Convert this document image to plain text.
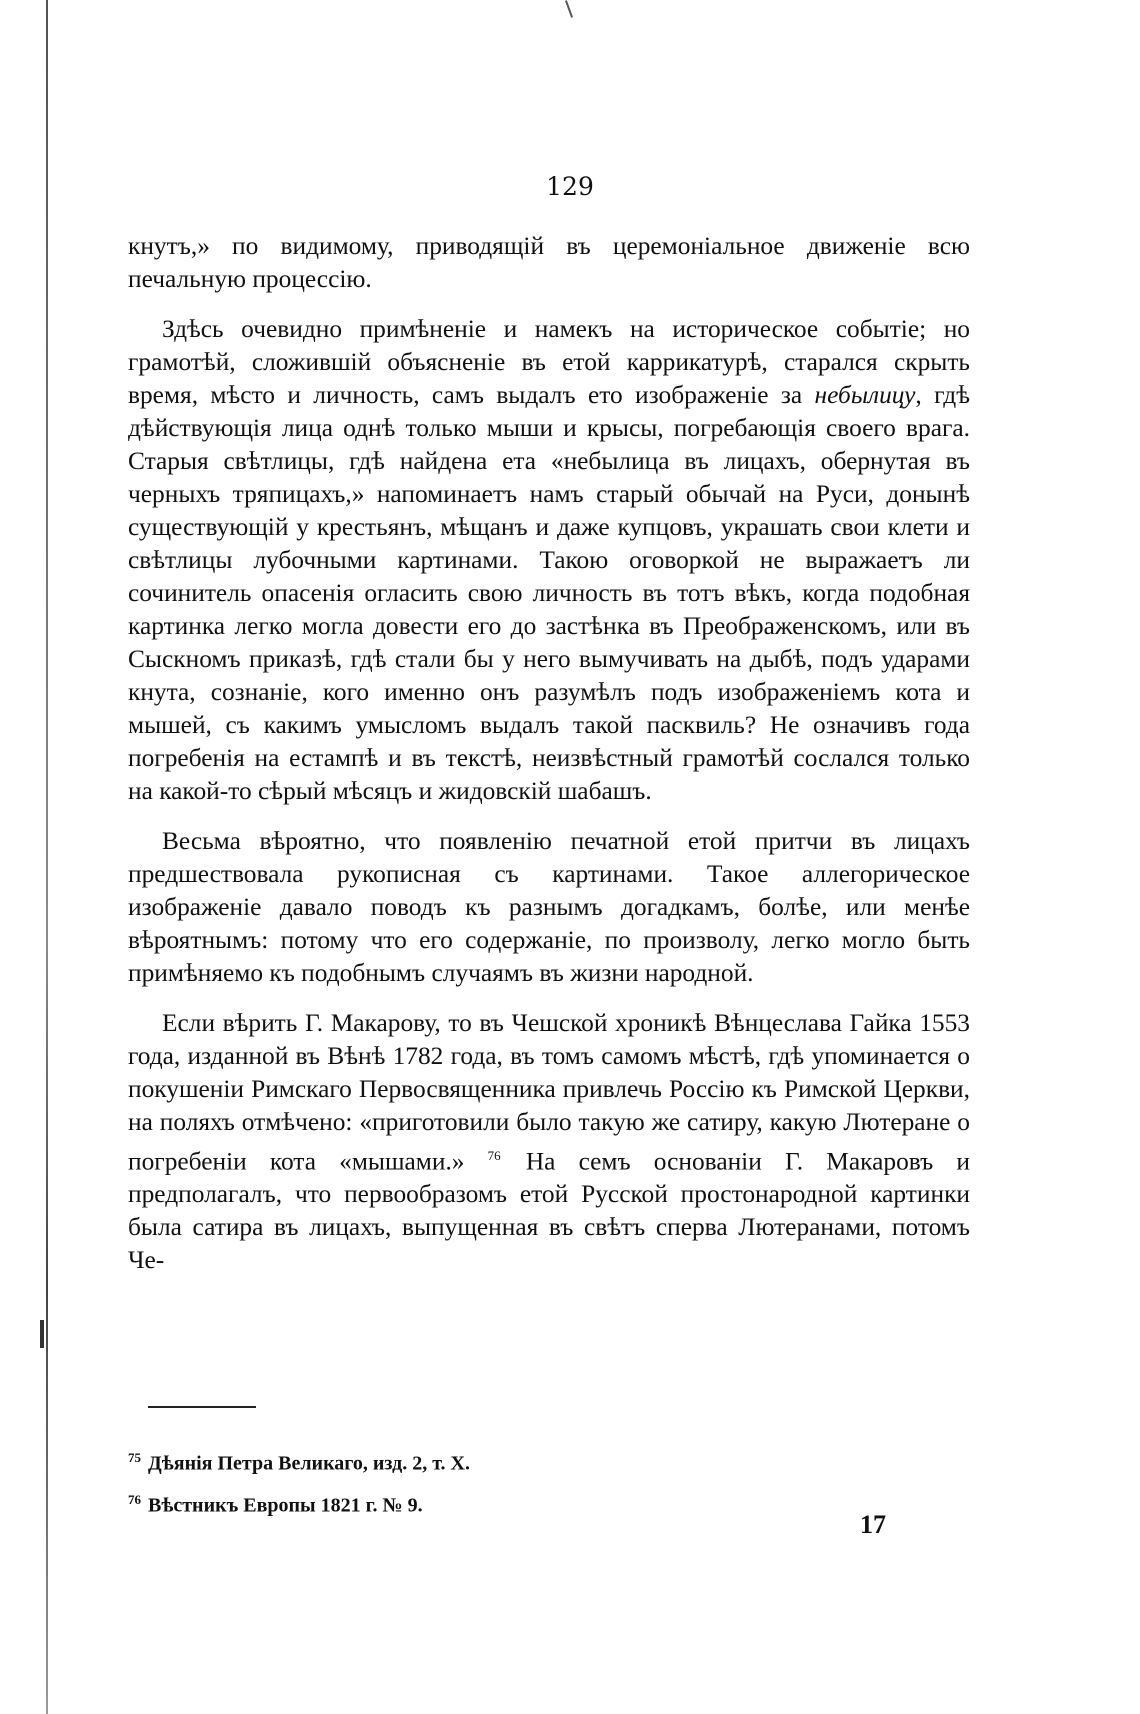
129

кнутъ,» по видимому, приводящій въ церемоніальное движеніе всю печальную процессію.

Здѣсь очевидно примѣненіе и намекъ на историческое событіе; но грамотѣй, сложившій объясненіе въ етой каррикатурѣ, старался скрыть время, мѣсто и личность, самъ выдалъ ето изображеніе за небылицу, гдѣ дѣйствующія лица однѣ только мыши и крысы, погребающія своего врага. Старыя свѣтлицы, гдѣ найдена ета «небылица въ лицахъ, обернутая въ черныхъ тряпицахъ,» напоминаетъ намъ старый обычай на Руси, донынѣ существующій у крестьянъ, мѣщанъ и даже купцовъ, украшать свои клети и свѣтлицы лубочными картинами. Такою оговоркой не выражаетъ ли сочинитель опасенія огласить свою личность въ тотъ вѣкъ, когда подобная картинка легко могла довести его до застѣнка въ Преображенскомъ, или въ Сыскномъ приказѣ, гдѣ стали бы у него вымучивать на дыбѣ, подъ ударами кнута, сознаніе, кого именно онъ разумѣлъ подъ изображеніемъ кота и мышей, съ какимъ умысломъ выдалъ такой пасквиль? Не означивъ года погребенія на естампѣ и въ текстѣ, неизвѣстный грамотѣй сослался только на какой-то сѣрый мѣсяцъ и жидовскій шабашъ.

Весьма вѣроятно, что появленію печатной етой притчи въ лицахъ предшествовала рукописная съ картинами. Такое аллегорическое изображеніе давало поводъ къ разнымъ догадкамъ, болѣе, или менѣе вѣроятнымъ: потому что его содержаніе, по произволу, легко могло быть примѣняемо къ подобнымъ случаямъ въ жизни народной.

Если вѣрить Г. Макарову, то въ Чешской хроникѣ Вѣнцеслава Гайка 1553 года, изданной въ Вѣнѣ 1782 года, въ томъ самомъ мѣстѣ, гдѣ упоминается о покушеніи Римскаго Первосвященника привлечь Россію къ Римской Церкви, на поляхъ отмѣчено: «приготовили было такую же сатиру, какую Лютеране о погребеніи кота «мышами.» $^{76}$ На семъ основаніи Г. Макаровъ и предполагалъ, что первообразомъ етой Русской простонародной картинки была сатира въ лицахъ, выпущенная въ свѣтъ сперва Лютеранами, потомъ Че-

$^{75}$ Дѣянія Петра Великаго, изд. 2, т. X.

$^{76}$ Вѣстникъ Европы 1821 г. № 9.

17
